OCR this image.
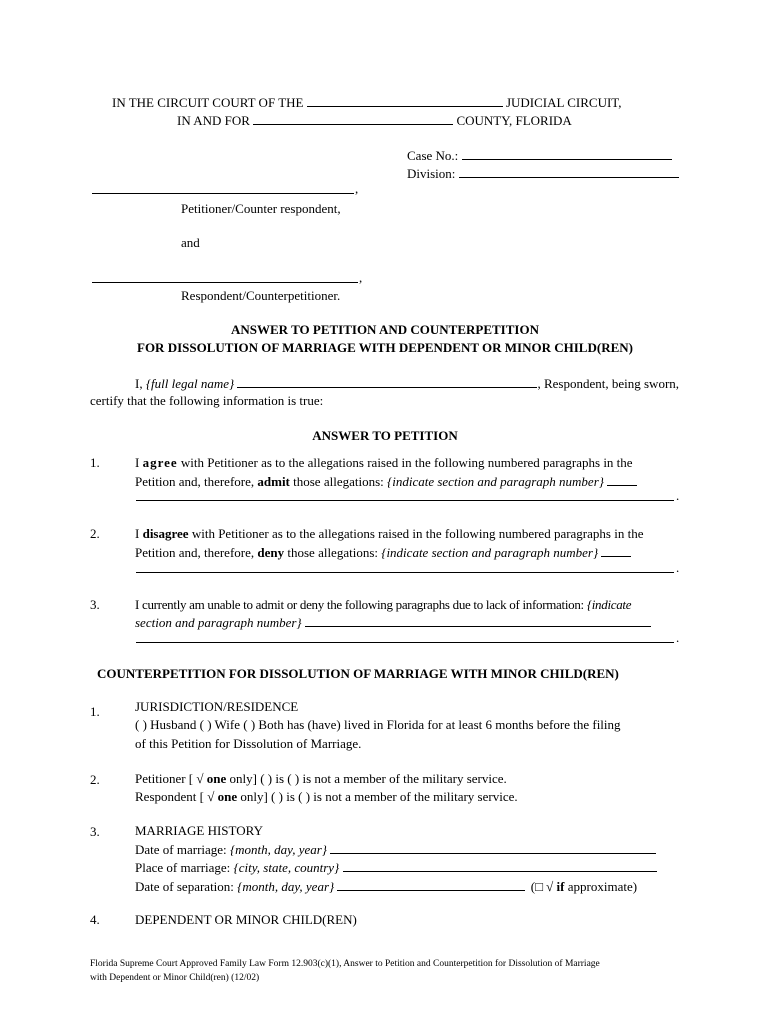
IN THE CIRCUIT COURT OF THE	JUDICIAL CIRCUIT,
IN AND FOR	COUNTY, FLORIDA
Case No.:
Division:
,
Petitioner/Counter respondent,
and
,
Respondent/Counterpetitioner.
ANSWER TO PETITION AND COUNTERPETITION
FOR DISSOLUTION OF MARRIAGE WITH DEPENDENT OR MINOR CHILD(REN)
I, {full legal name}	, Respondent, being sworn,
certify that the following information is true:
ANSWER TO PETITION
1.	I agree with Petitioner as to the allegations raised in the following numbered paragraphs in the
Petition and, therefore, admit those allegations: {indicate section and paragraph number}
.
2.	I disagree with Petitioner as to the allegations raised in the following numbered paragraphs in the
Petition and, therefore, deny those allegations: {indicate section and paragraph number}
.
3.	I currently am unable to admit or deny the following paragraphs due to lack of information: {indicate
section and paragraph number}
.
COUNTERPETITION FOR DISSOLUTION OF MARRIAGE WITH MINOR CHILD(REN)
1.	JURISDICTION/RESIDENCE
( ) Husband ( ) Wife ( ) Both has (have) lived in Florida for at least 6 months before the filing
of this Petition for Dissolution of Marriage.
2.	Petitioner [ √ one only] ( ) is ( ) is not a member of the military service.
Respondent [ √ one only] ( ) is ( ) is not a member of the military service.
3.	MARRIAGE HISTORY
Date of marriage: {month, day, year}
Place of marriage: {city, state, country}
Date of separation: {month, day, year}	(□ √ if approximate)
4.	DEPENDENT OR MINOR CHILD(REN)
Florida Supreme Court Approved Family Law Form 12.903(c)(1), Answer to Petition and Counterpetition for Dissolution of Marriage
with Dependent or Minor Child(ren) (12/02)
